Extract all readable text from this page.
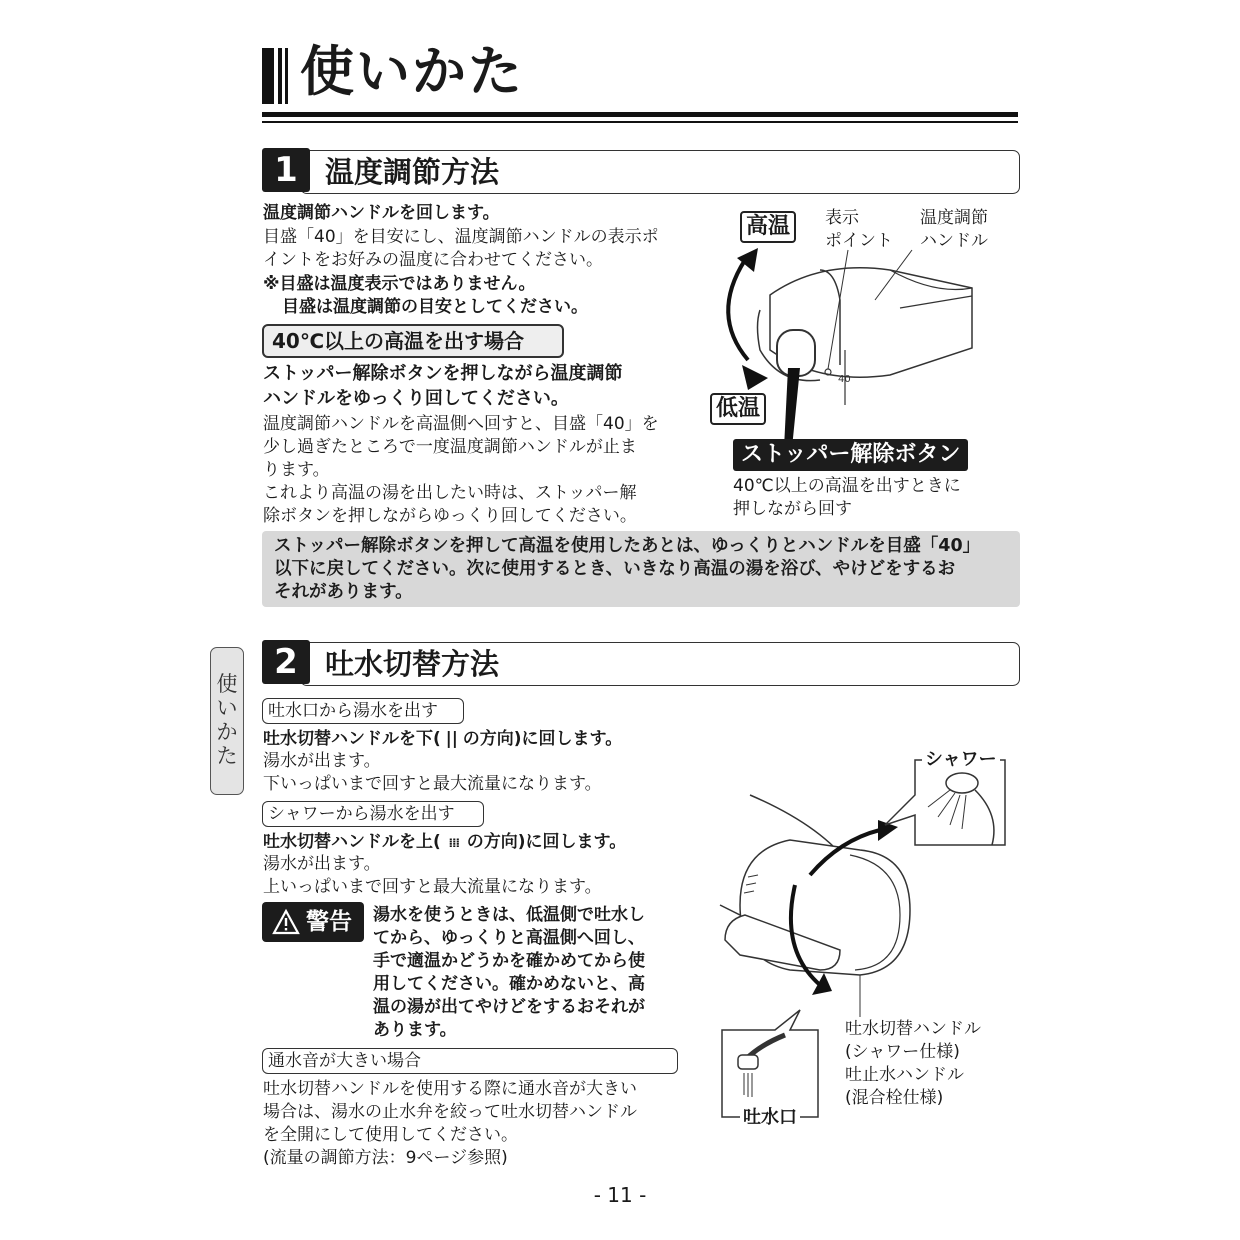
使いかた
1 温度調節方法
温度調節ハンドルを回します。
目盛「40」を目安にし、温度調節ハンドルの表示ポ
イントをお好みの温度に合わせてください。
※目盛は温度表示ではありません。
目盛は温度調節の目安としてください。
40℃以上の高温を出す場合
ストッパー解除ボタンを押しながら温度調節
ハンドルをゆっくり回してください。
温度調節ハンドルを高温側へ回すと、目盛「40」を
少し過ぎたところで一度温度調節ハンドルが止ま
ります。
これより高温の湯を出したい時は、ストッパー解
除ボタンを押しながらゆっくり回してください。
40
高温
低温
表示
ポイント
温度調節
ハンドル
ストッパー解除ボタン
40℃以上の高温を出すときに
押しながら回す
ストッパー解除ボタンを押して高温を使用したあとは、ゆっくりとハンドルを目盛「40」
以下に戻してください。次に使用するとき、いきなり高温の湯を浴び、やけどをするお
それがあります。
使
い
か
た
2 吐水切替方法
吐水口から湯水を出す
吐水切替ハンドルを下( || の方向)に回します。
湯水が出ます。
下いっぱいまで回すと最大流量になります。
シャワーから湯水を出す
吐水切替ハンドルを上( ⁞⁞⁞ の方向)に回します。
湯水が出ます。
上いっぱいまで回すと最大流量になります。
警告 湯水を使うときは、低温側で吐水し
てから、ゆっくりと高温側へ回し、
手で適温かどうかを確かめてから使
用してください。確かめないと、高
温の湯が出てやけどをするおそれが
あります。
通水音が大きい場合
吐水切替ハンドルを使用する際に通水音が大きい
場合は、湯水の止水弁を絞って吐水切替ハンドル
を全開にして使用してください。
(流量の調節方法：9ページ参照)
シャワー
吐水口
吐水切替ハンドル
(シャワー仕様)
吐止水ハンドル
(混合栓仕様)
- 11 -
